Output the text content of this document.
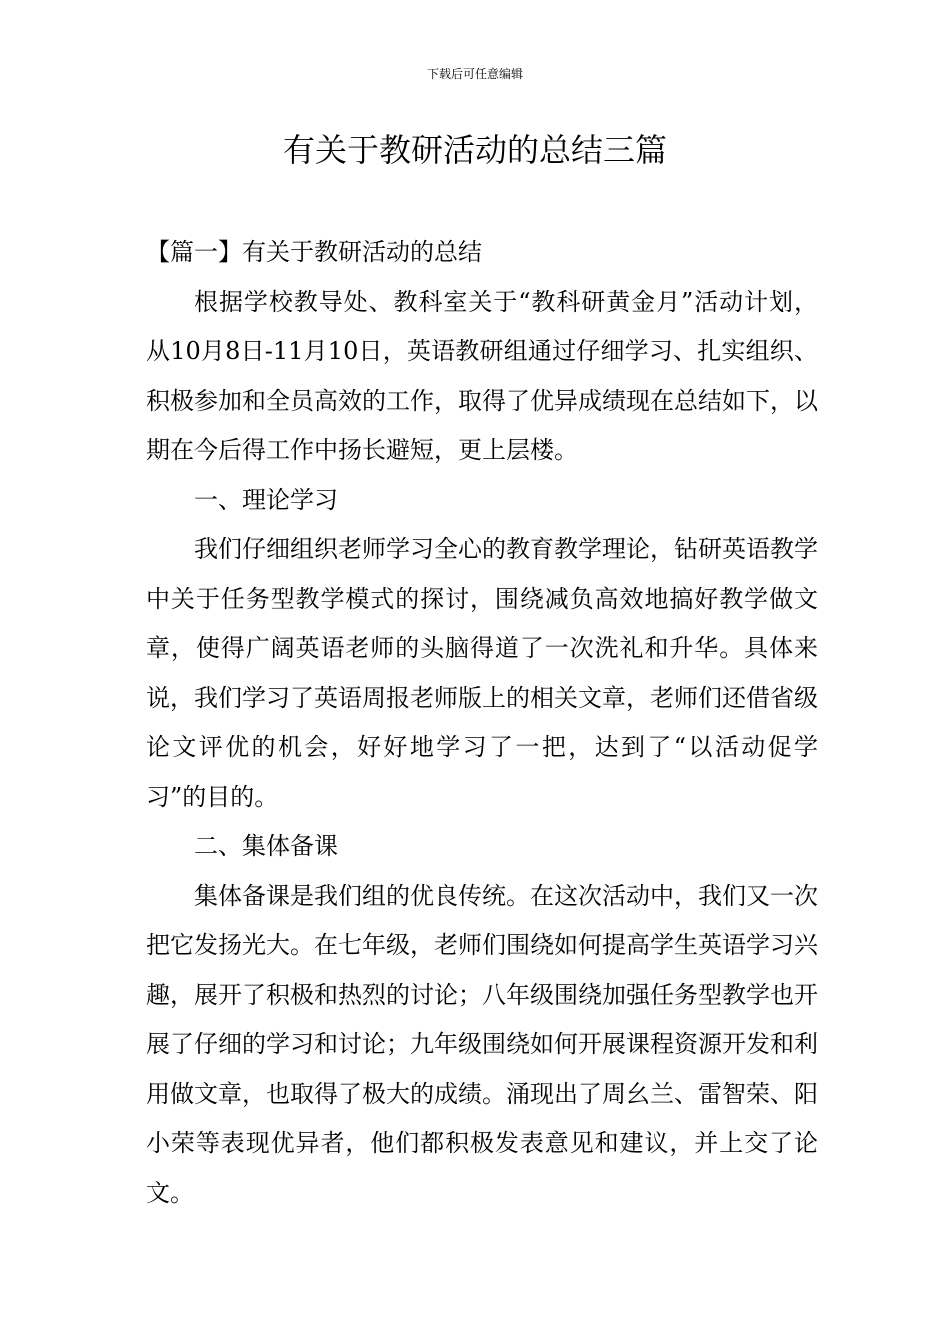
下载后可任意编辑
有关于教研活动的总结三篇

【篇一】有关于教研活动的总结

根据学校教导处、教科室关于“教科研黄金月”活动计划，从10月8日-11月10日，英语教研组通过仔细学习、扎实组织、积极参加和全员高效的工作，取得了优异成绩现在总结如下，以期在今后得工作中扬长避短，更上层楼。

一、理论学习

我们仔细组织老师学习全心的教育教学理论，钻研英语教学中关于任务型教学模式的探讨，围绕减负高效地搞好教学做文章，使得广阔英语老师的头脑得道了一次洗礼和升华。具体来说，我们学习了英语周报老师版上的相关文章，老师们还借省级论文评优的机会，好好地学习了一把，达到了“以活动促学习”的目的。

二、集体备课

集体备课是我们组的优良传统。在这次活动中，我们又一次把它发扬光大。在七年级，老师们围绕如何提高学生英语学习兴趣，展开了积极和热烈的讨论；八年级围绕加强任务型教学也开展了仔细的学习和讨论；九年级围绕如何开展课程资源开发和利用做文章，也取得了极大的成绩。涌现出了周幺兰、雷智荣、阳小荣等表现优异者，他们都积极发表意见和建议，并上交了论文。
